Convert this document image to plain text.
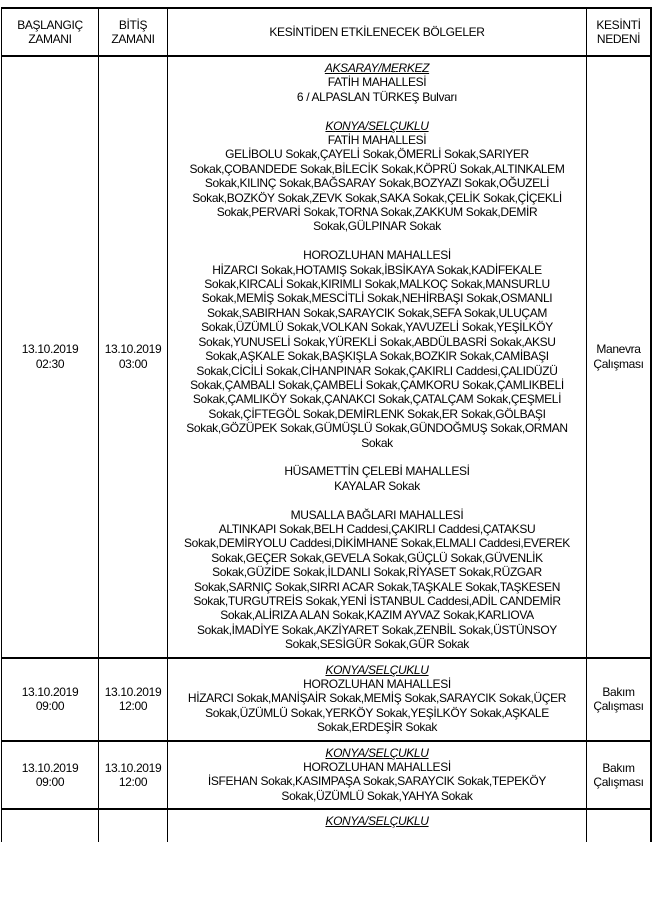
BAŞLANGIÇ
ZAMANI
BİTİŞ
ZAMANI	KESİNTİDEN ETKİLENECEK BÖLGELER	KESİNTİ
NEDENİ
13.10.2019
02:30
13.10.2019
03:00
AKSARAY/MERKEZ
FATİH MAHALLESİ
6 / ALPASLAN TÜRKEŞ Bulvarı
KONYA/SELÇUKLU
FATİH MAHALLESİ
GELİBOLU Sokak,ÇAYELİ Sokak,ÖMERLİ Sokak,SARIYER
Sokak,ÇOBANDEDE Sokak,BİLECİK Sokak,KÖPRÜ Sokak,ALTINKALEM
Sokak,KILINÇ Sokak,BAĞSARAY Sokak,BOZYAZI Sokak,OĞUZELİ
Sokak,BOZKÖY Sokak,ZEVK Sokak,SAKA Sokak,ÇELİK Sokak,ÇİÇEKLİ
Sokak,PERVARİ Sokak,TORNA Sokak,ZAKKUM Sokak,DEMİR
Sokak,GÜLPINAR Sokak
HOROZLUHAN MAHALLESİ
HİZARCI Sokak,HOTAMIŞ Sokak,İBSİKAYA Sokak,KADİFEKALE
Sokak,KIRCALİ Sokak,KIRIMLI Sokak,MALKOÇ Sokak,MANSURLU
Sokak,MEMİŞ Sokak,MESCİTLİ Sokak,NEHİRBAŞI Sokak,OSMANLI
Sokak,SABIRHAN Sokak,SARAYCIK Sokak,SEFA Sokak,ULUÇAM
Sokak,ÜZÜMLÜ Sokak,VOLKAN Sokak,YAVUZELİ Sokak,YEŞİLKÖY
Sokak,YUNUSELİ Sokak,YÜREKLİ Sokak,ABDÜLBASRİ Sokak,AKSU
Sokak,AŞKALE Sokak,BAŞKIŞLA Sokak,BOZKIR Sokak,CAMİBAŞI
Sokak,CİCİLİ Sokak,CİHANPINAR Sokak,ÇAKIRLI Caddesi,ÇALIDÜZÜ
Sokak,ÇAMBALI Sokak,ÇAMBELİ Sokak,ÇAMKORU Sokak,ÇAMLIKBELİ
Sokak,ÇAMLIKÖY Sokak,ÇANAKCI Sokak,ÇATALÇAM Sokak,ÇEŞMELİ
Sokak,ÇİFTEGÖL Sokak,DEMİRLENK Sokak,ER Sokak,GÖLBAŞI
Sokak,GÖZÜPEK Sokak,GÜMÜŞLÜ Sokak,GÜNDOĞMUŞ Sokak,ORMAN
Sokak
HÜSAMETTİN ÇELEBİ MAHALLESİ
KAYALAR Sokak
MUSALLA BAĞLARI MAHALLESİ
ALTINKAPI Sokak,BELH Caddesi,ÇAKIRLI Caddesi,ÇATAKSU
Sokak,DEMİRYOLU Caddesi,DİKİMHANE Sokak,ELMALI Caddesi,EVEREK
Sokak,GEÇER Sokak,GEVELA Sokak,GÜÇLÜ Sokak,GÜVENLİK
Sokak,GÜZİDE Sokak,İLDANLI Sokak,RİYASET Sokak,RÜZGAR
Sokak,SARNIÇ Sokak,SIRRI ACAR Sokak,TAŞKALE Sokak,TAŞKESEN
Sokak,TURGUTREİS Sokak,YENİ İSTANBUL Caddesi,ADİL CANDEMİR
Sokak,ALİRIZA ALAN Sokak,KAZIM AYVAZ Sokak,KARLIOVA
Sokak,İMADİYE Sokak,AKZİYARET Sokak,ZENBİL Sokak,ÜSTÜNSOY
Sokak,SESİGÜR Sokak,GÜR Sokak
Manevra
Çalışması
13.10.2019
09:00
13.10.2019
12:00
KONYA/SELÇUKLU
HOROZLUHAN MAHALLESİ
HİZARCI Sokak,MANİŞAİR Sokak,MEMİŞ Sokak,SARAYCIK Sokak,ÜÇER
Sokak,ÜZÜMLÜ Sokak,YERKÖY Sokak,YEŞİLKÖY Sokak,AŞKALE
Sokak,ERDEŞİR Sokak
Bakım
Çalışması
13.10.2019
09:00
13.10.2019
12:00
KONYA/SELÇUKLU
HOROZLUHAN MAHALLESİ
İSFEHAN Sokak,KASIMPAŞA Sokak,SARAYCIK Sokak,TEPEKÖY
Sokak,ÜZÜMLÜ Sokak,YAHYA Sokak
Bakım
Çalışması
KONYA/SELÇUKLU
